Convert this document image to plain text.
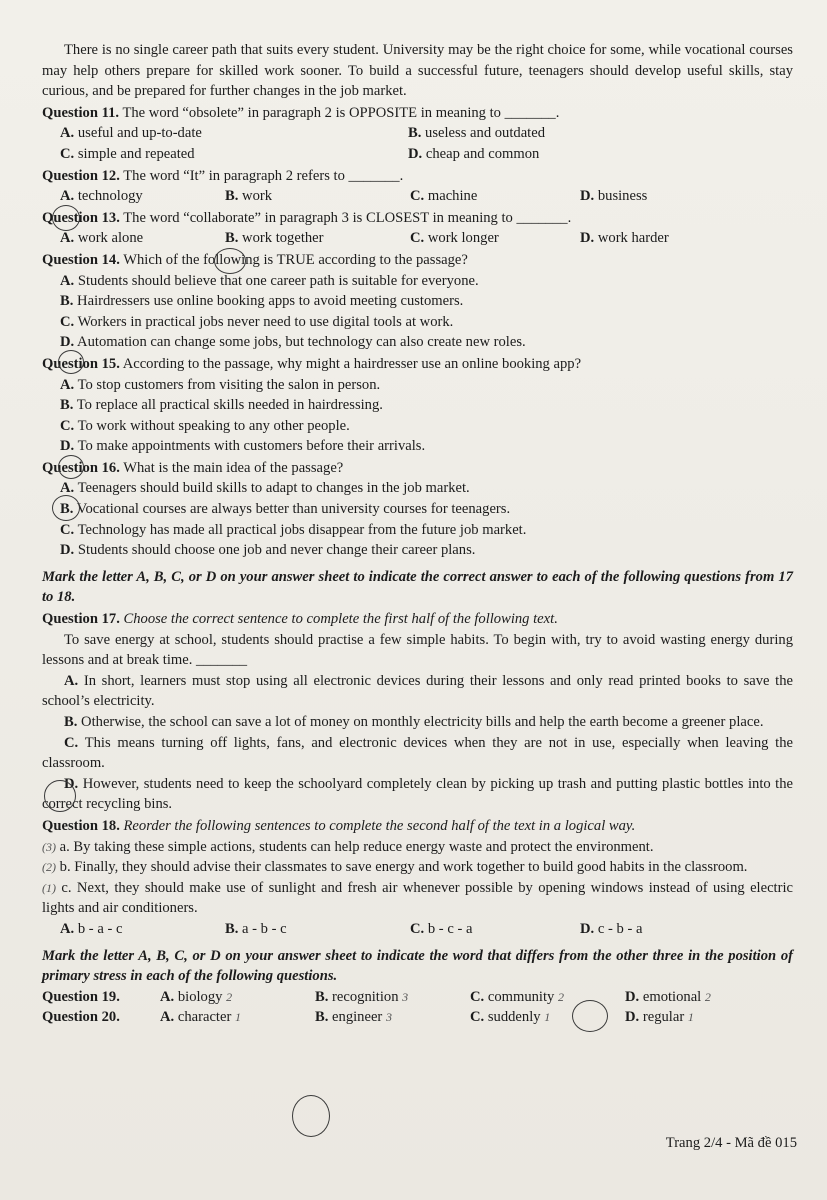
There is no single career path that suits every student. University may be the right choice for some, while vocational courses may help others prepare for skilled work sooner. To build a successful future, teenagers should develop useful skills, stay curious, and be prepared for further changes in the job market.

Question 11. The word “obsolete” in paragraph 2 is OPPOSITE in meaning to _______.

A. useful and up-to-date	B. useless and outdated
C. simple and repeated	D. cheap and common

Question 12. The word “It” in paragraph 2 refers to _______.

A. technology	B. work	C. machine	D. business

Question 13. The word “collaborate” in paragraph 3 is CLOSEST in meaning to _______.

A. work alone	B. work together	C. work longer	D. work harder

Question 14. Which of the following is TRUE according to the passage?

A. Students should believe that one career path is suitable for everyone.
B. Hairdressers use online booking apps to avoid meeting customers.
C. Workers in practical jobs never need to use digital tools at work.
D. Automation can change some jobs, but technology can also create new roles.

Question 15. According to the passage, why might a hairdresser use an online booking app?

A. To stop customers from visiting the salon in person.
B. To replace all practical skills needed in hairdressing.
C. To work without speaking to any other people.
D. To make appointments with customers before their arrivals.

Question 16. What is the main idea of the passage?

A. Teenagers should build skills to adapt to changes in the job market.
B. Vocational courses are always better than university courses for teenagers.
C. Technology has made all practical jobs disappear from the future job market.
D. Students should choose one job and never change their career plans.

Mark the letter A, B, C, or D on your answer sheet to indicate the correct answer to each of the following questions from 17 to 18.

Question 17. Choose the correct sentence to complete the first half of the following text.

To save energy at school, students should practise a few simple habits. To begin with, try to avoid wasting energy during lessons and at break time. _______

A. In short, learners must stop using all electronic devices during their lessons and only read printed books to save the school’s electricity.

B. Otherwise, the school can save a lot of money on monthly electricity bills and help the earth become a greener place.

C. This means turning off lights, fans, and electronic devices when they are not in use, especially when leaving the classroom.

D. However, students need to keep the schoolyard completely clean by picking up trash and putting plastic bottles into the correct recycling bins.

Question 18. Reorder the following sentences to complete the second half of the text in a logical way.

(3) a. By taking these simple actions, students can help reduce energy waste and protect the environment.

(2) b. Finally, they should advise their classmates to save energy and work together to build good habits in the classroom.

(1) c. Next, they should make use of sunlight and fresh air whenever possible by opening windows instead of using electric lights and air conditioners.

A. b - a - c	B. a - b - c	C. b - c - a	D. c - b - a

Mark the letter A, B, C, or D on your answer sheet to indicate the word that differs from the other three in the position of primary stress in each of the following questions.

Question 19.	A. biology 2	B. recognition 3	C. community 2	D. emotional 2
Question 20.	A. character 1	B. engineer 3	C. suddenly 1	D. regular 1
Trang 2/4 - Mã đề 015
